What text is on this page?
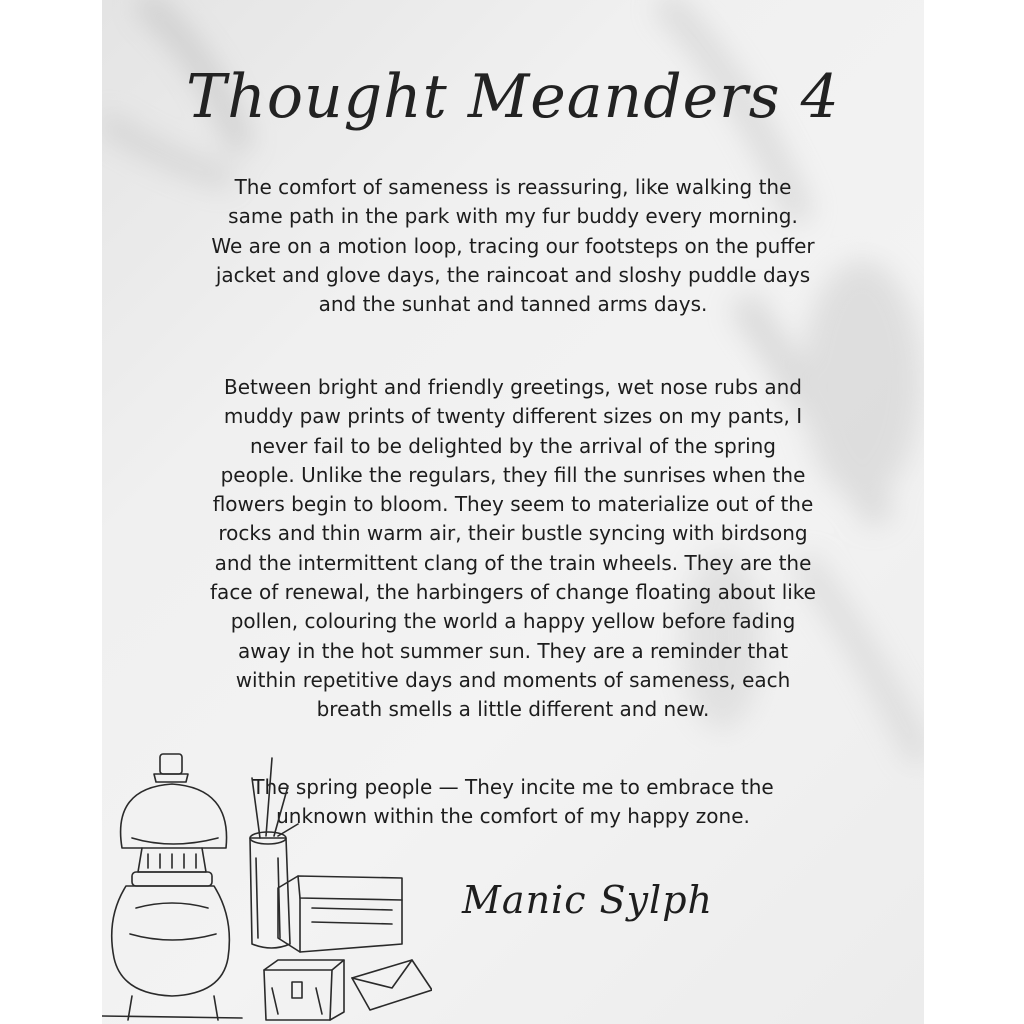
Thought Meanders 4

The comfort of sameness is reassuring, like walking the same path in the park with my fur buddy every morning. We are on a motion loop, tracing our footsteps on the puffer jacket and glove days, the raincoat and sloshy puddle days and the sunhat and tanned arms days.

Between bright and friendly greetings, wet nose rubs and muddy paw prints of twenty different sizes on my pants, I never fail to be delighted by the arrival of the spring people. Unlike the regulars, they fill the sunrises when the flowers begin to bloom. They seem to materialize out of the rocks and thin warm air, their bustle syncing with birdsong and the intermittent clang of the train wheels. They are the face of renewal, the harbingers of change floating about like pollen, colouring the world a happy yellow before fading away in the hot summer sun. They are a reminder that within repetitive days and moments of sameness, each breath smells a little different and new.

The spring people — They incite me to embrace the unknown within the comfort of my happy zone.

Manic Sylph
